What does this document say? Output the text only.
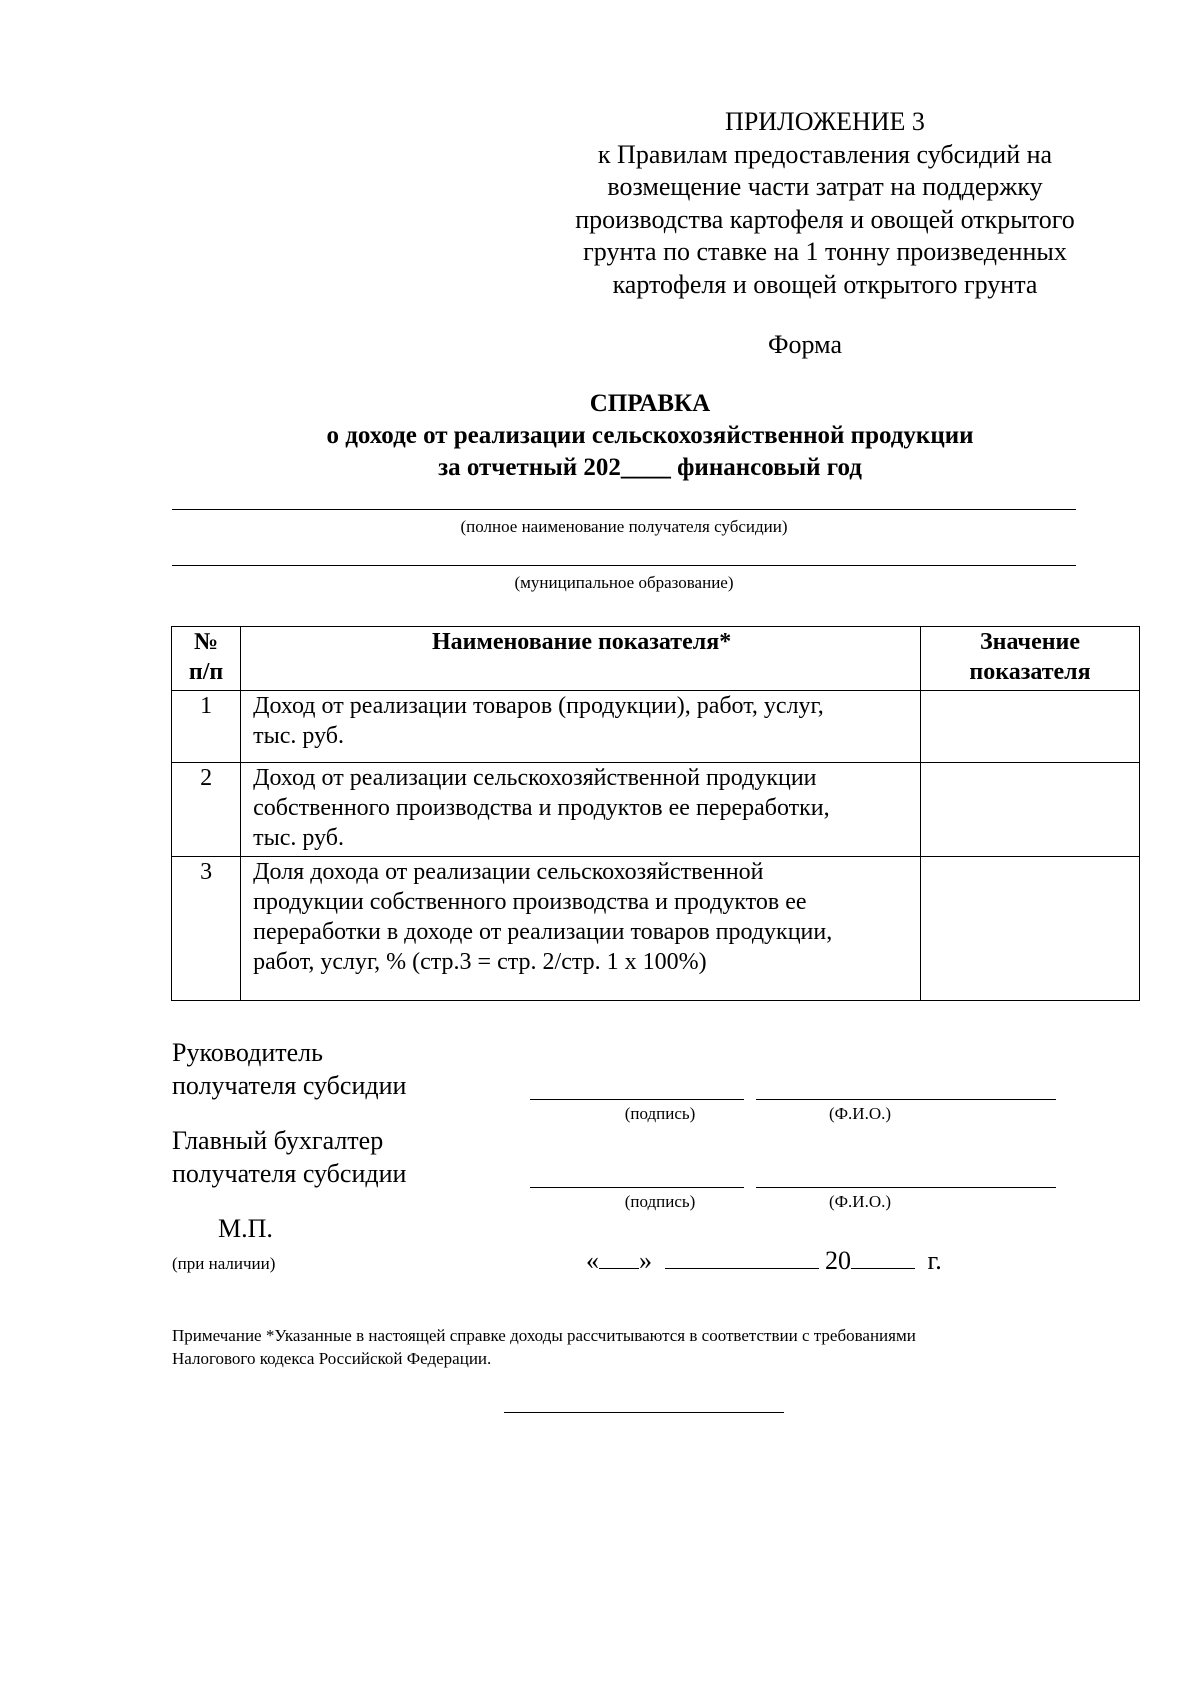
ПРИЛОЖЕНИЕ 3
к Правилам предоставления субсидий на
возмещение части затрат на поддержку
производства картофеля и овощей открытого
грунта по ставке на 1 тонну произведенных
картофеля и овощей открытого грунта
Форма
СПРАВКА
о доходе от реализации сельскохозяйственной продукции
за отчетный 202____ финансовый год
(полное наименование получателя субсидии)
(муниципальное образование)
№
п/п	Наименование показателя*	Значение
показателя
1	Доход от реализации товаров (продукции), работ, услуг,
тыс. руб.	
2	Доход от реализации сельскохозяйственной продукции
собственного производства и продуктов ее переработки,
тыс. руб.	
3	Доля дохода от реализации сельскохозяйственной
продукции собственного производства и продуктов ее
переработки в доходе от реализации товаров продукции,
работ, услуг, % (стр.3 = стр. 2/стр. 1 х 100%)	
Руководитель
получателя субсидии
(подпись)	(Ф.И.О.)
Главный бухгалтер
получателя субсидии
(подпись)	(Ф.И.О.)
М.П.
(при наличии)	« »	20	г.
Примечание *Указанные в настоящей справке доходы рассчитываются в соответствии с требованиями
Налогового кодекса Российской Федерации.
